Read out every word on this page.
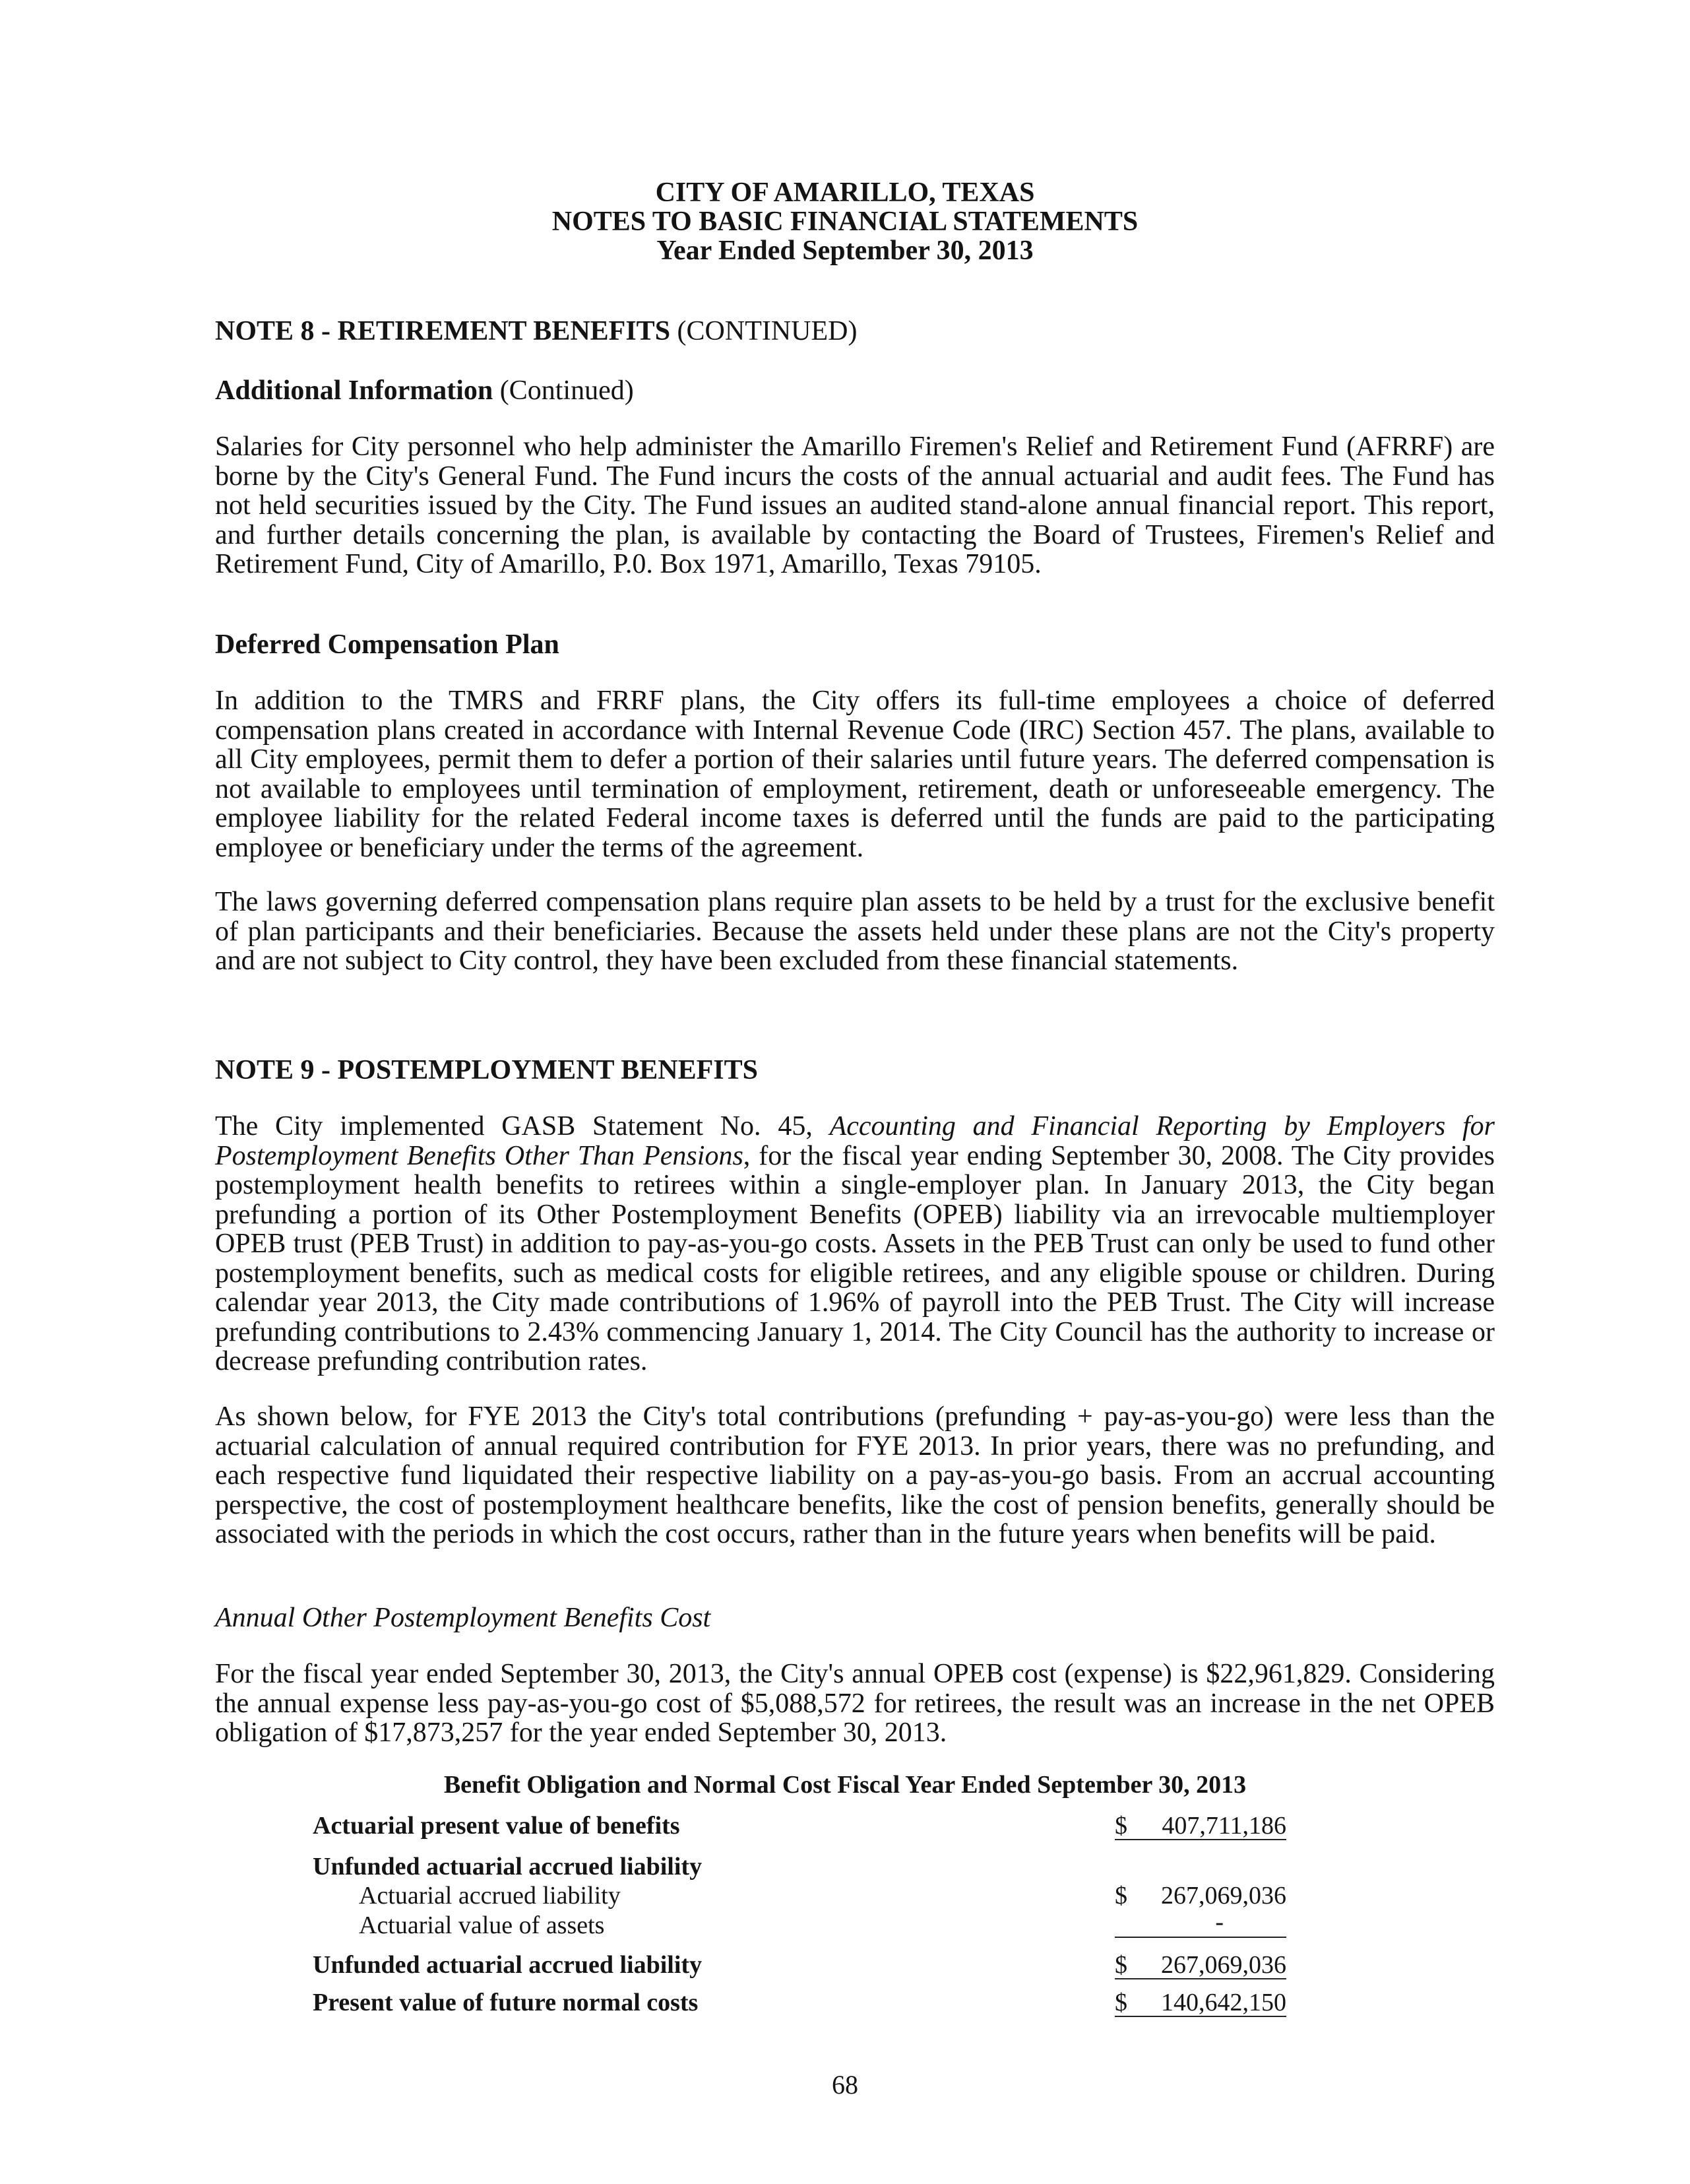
CITY OF AMARILLO, TEXAS
NOTES TO BASIC FINANCIAL STATEMENTS
Year Ended September 30, 2013
NOTE 8 - RETIREMENT BENEFITS (CONTINUED)
Additional Information (Continued)
Salaries for City personnel who help administer the Amarillo Firemen's Relief and Retirement Fund (AFRRF) are borne by the City's General Fund. The Fund incurs the costs of the annual actuarial and audit fees. The Fund has not held securities issued by the City. The Fund issues an audited stand-alone annual financial report. This report, and further details concerning the plan, is available by contacting the Board of Trustees, Firemen's Relief and Retirement Fund, City of Amarillo, P.0. Box 1971, Amarillo, Texas 79105.
Deferred Compensation Plan
In addition to the TMRS and FRRF plans, the City offers its full-time employees a choice of deferred compensation plans created in accordance with Internal Revenue Code (IRC) Section 457. The plans, available to all City employees, permit them to defer a portion of their salaries until future years. The deferred compensation is not available to employees until termination of employment, retirement, death or unforeseeable emergency. The employee liability for the related Federal income taxes is deferred until the funds are paid to the participating employee or beneficiary under the terms of the agreement.
The laws governing deferred compensation plans require plan assets to be held by a trust for the exclusive benefit of plan participants and their beneficiaries. Because the assets held under these plans are not the City's property and are not subject to City control, they have been excluded from these financial statements.
NOTE 9 - POSTEMPLOYMENT BENEFITS
The City implemented GASB Statement No. 45, Accounting and Financial Reporting by Employers for Postemployment Benefits Other Than Pensions, for the fiscal year ending September 30, 2008. The City provides postemployment health benefits to retirees within a single-employer plan. In January 2013, the City began prefunding a portion of its Other Postemployment Benefits (OPEB) liability via an irrevocable multiemployer OPEB trust (PEB Trust) in addition to pay-as-you-go costs. Assets in the PEB Trust can only be used to fund other postemployment benefits, such as medical costs for eligible retirees, and any eligible spouse or children. During calendar year 2013, the City made contributions of 1.96% of payroll into the PEB Trust. The City will increase prefunding contributions to 2.43% commencing January 1, 2014. The City Council has the authority to increase or decrease prefunding contribution rates.
As shown below, for FYE 2013 the City's total contributions (prefunding + pay-as-you-go) were less than the actuarial calculation of annual required contribution for FYE 2013. In prior years, there was no prefunding, and each respective fund liquidated their respective liability on a pay-as-you-go basis. From an accrual accounting perspective, the cost of postemployment healthcare benefits, like the cost of pension benefits, generally should be associated with the periods in which the cost occurs, rather than in the future years when benefits will be paid.
Annual Other Postemployment Benefits Cost
For the fiscal year ended September 30, 2013, the City's annual OPEB cost (expense) is $22,961,829. Considering the annual expense less pay-as-you-go cost of $5,088,572 for retirees, the result was an increase in the net OPEB obligation of $17,873,257 for the year ended September 30, 2013.
Benefit Obligation and Normal Cost Fiscal Year Ended September 30, 2013
Actuarial present value of benefits	$ 407,711,186
Unfunded actuarial accrued liability
Actuarial accrued liability	$ 267,069,036
Actuarial value of assets	-
Unfunded actuarial accrued liability	$ 267,069,036
Present value of future normal costs	$ 140,642,150
68
